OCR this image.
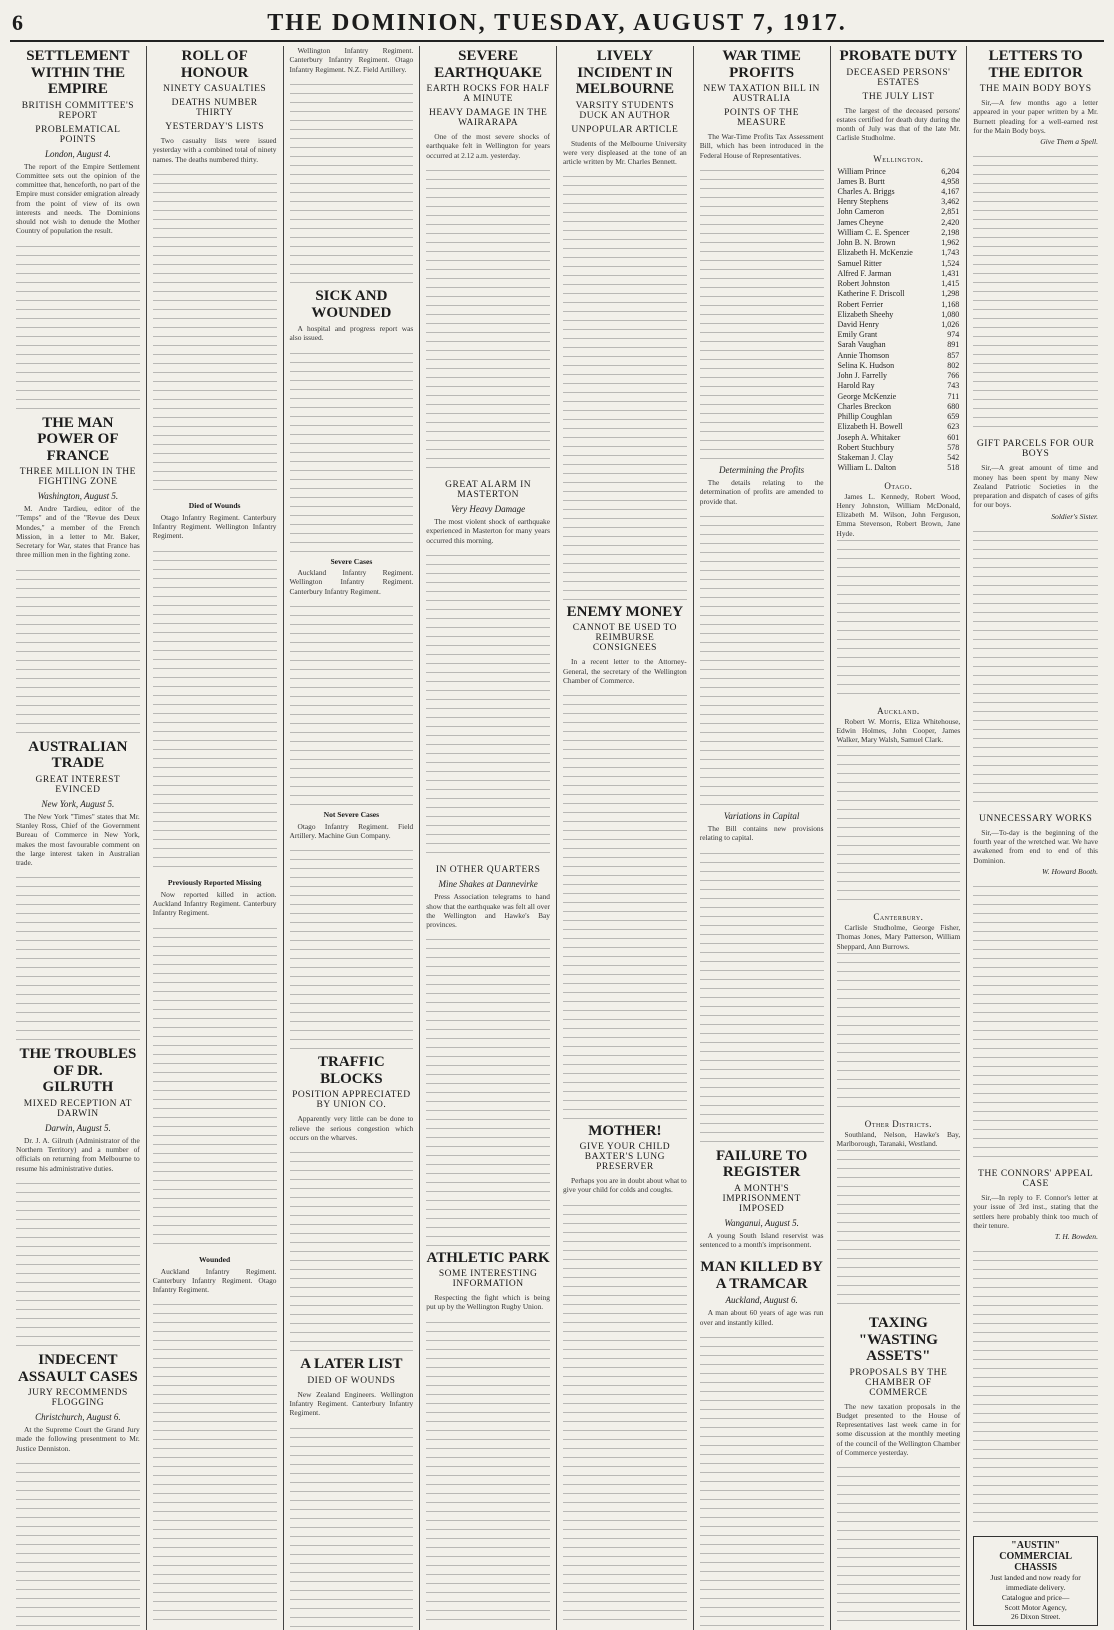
6	THE DOMINION, TUESDAY, AUGUST 7, 1917.
SETTLEMENT WITHIN THE EMPIRE
BRITISH COMMITTEE'S REPORT
PROBLEMATICAL POINTS
London, August 4.

The report of the Empire Settlement Committee sets out the opinion of the committee that, henceforth, no part of the Empire must consider emigration already from the point of view of its own interests and needs. The Dominions should not wish to denude the Mother Country of population the result.

THE MAN POWER OF FRANCE
THREE MILLION IN THE FIGHTING ZONE
Washington, August 5.

M. Andre Tardieu, editor of the "Temps" and of the "Revue des Deux Mondes," a member of the French Mission, in a letter to Mr. Baker, Secretary for War, states that France has three million men in the fighting zone.

AUSTRALIAN TRADE
GREAT INTEREST EVINCED
New York, August 5.

The New York "Times" states that Mr. Stanley Ross, Chief of the Government Bureau of Commerce in New York, makes the most favourable comment on the large interest taken in Australian trade.

THE TROUBLES OF DR. GILRUTH
MIXED RECEPTION AT DARWIN
Darwin, August 5.

Dr. J. A. Gilruth (Administrator of the Northern Territory) and a number of officials on returning from Melbourne to resume his administrative duties.

INDECENT ASSAULT CASES
JURY RECOMMENDS FLOGGING
Christchurch, August 6.

At the Supreme Court the Grand Jury made the following presentment to Mr. Justice Denniston.

ROLL OF HONOUR
NINETY CASUALTIES
DEATHS NUMBER THIRTY
YESTERDAY'S LISTS

Two casualty lists were issued yesterday with a combined total of ninety names. The deaths numbered thirty.

Died of Wounds

Otago Infantry Regiment. Canterbury Infantry Regiment. Wellington Infantry Regiment.

Previously Reported Missing

Now reported killed in action. Auckland Infantry Regiment. Canterbury Infantry Regiment.

Wounded

Auckland Infantry Regiment. Canterbury Infantry Regiment. Otago Infantry Regiment.

Wellington Infantry Regiment. Canterbury Infantry Regiment. Otago Infantry Regiment. N.Z. Field Artillery.

SICK AND WOUNDED

A hospital and progress report was also issued.

Severe Cases

Auckland Infantry Regiment. Wellington Infantry Regiment. Canterbury Infantry Regiment.

Not Severe Cases

Otago Infantry Regiment. Field Artillery. Machine Gun Company.

TRAFFIC BLOCKS
POSITION APPRECIATED BY UNION CO.

Apparently very little can be done to relieve the serious congestion which occurs on the wharves.

A LATER LIST
DIED OF WOUNDS

New Zealand Engineers. Wellington Infantry Regiment. Canterbury Infantry Regiment.

SEVERE EARTHQUAKE
EARTH ROCKS FOR HALF A MINUTE
HEAVY DAMAGE IN THE WAIRARAPA

One of the most severe shocks of earthquake felt in Wellington for years occurred at 2.12 a.m. yesterday.

GREAT ALARM IN MASTERTON
Very Heavy Damage

The most violent shock of earthquake experienced in Masterton for many years occurred this morning.

IN OTHER QUARTERS
Mine Shakes at Dannevirke

Press Association telegrams to hand show that the earthquake was felt all over the Wellington and Hawke's Bay provinces.

ATHLETIC PARK
SOME INTERESTING INFORMATION

Respecting the fight which is being put up by the Wellington Rugby Union.

LIVELY INCIDENT IN MELBOURNE
VARSITY STUDENTS DUCK AN AUTHOR
UNPOPULAR ARTICLE

Students of the Melbourne University were very displeased at the tone of an article written by Mr. Charles Bennett.

ENEMY MONEY
CANNOT BE USED TO REIMBURSE CONSIGNEES

In a recent letter to the Attorney-General, the secretary of the Wellington Chamber of Commerce.

MOTHER!
GIVE YOUR CHILD BAXTER'S LUNG PRESERVER

Perhaps you are in doubt about what to give your child for colds and coughs.

WAR TIME PROFITS
NEW TAXATION BILL IN AUSTRALIA
POINTS OF THE MEASURE

The War-Time Profits Tax Assessment Bill, which has been introduced in the Federal House of Representatives.

Determining the Profits

The details relating to the determination of profits are amended to provide that.

Variations in Capital

The Bill contains new provisions relating to capital.

FAILURE TO REGISTER
A MONTH'S IMPRISONMENT IMPOSED
Wanganui, August 5.

A young South Island reservist was sentenced to a month's imprisonment.

MAN KILLED BY A TRAMCAR
Auckland, August 6.

A man about 60 years of age was run over and instantly killed.

PROBATE DUTY
DECEASED PERSONS' ESTATES
THE JULY LIST

The largest of the deceased persons' estates certified for death duty during the month of July was that of the late Mr. Carlisle Studholme.

Wellington.
William Prince	6,204
James B. Burtt	4,958
Charles A. Briggs	4,167
Henry Stephens	3,462
John Cameron	2,851
James Cheyne	2,420
William C. E. Spencer	2,198
John B. N. Brown	1,962
Elizabeth H. McKenzie	1,743
Samuel Ritter	1,524
Alfred F. Jarman	1,431
Robert Johnston	1,415
Katherine F. Driscoll	1,298
Robert Ferrier	1,168
Elizabeth Sheehy	1,080
David Henry	1,026
Emily Grant	974
Sarah Vaughan	891
Annie Thomson	857
Selina K. Hudson	802
John J. Farrelly	766
Harold Ray	743
George McKenzie	711
Charles Breckon	680
Phillip Coughlan	659
Elizabeth H. Bowell	623
Joseph A. Whitaker	601
Robert Stuchbury	578
Stakeman J. Clay	542
William L. Dalton	518
Otago.

James L. Kennedy, Robert Wood, Henry Johnston, William McDonald, Elizabeth M. Wilson, John Ferguson, Emma Stevenson, Robert Brown, Jane Hyde.

Auckland.

Robert W. Morris, Eliza Whitehouse, Edwin Holmes, John Cooper, James Walker, Mary Walsh, Samuel Clark.

Canterbury.

Carlisle Studholme, George Fisher, Thomas Jones, Mary Patterson, William Sheppard, Ann Burrows.

Other Districts.

Southland, Nelson, Hawke's Bay, Marlborough, Taranaki, Westland.

TAXING "WASTING ASSETS"
PROPOSALS BY THE CHAMBER OF COMMERCE

The new taxation proposals in the Budget presented to the House of Representatives last week came in for some discussion at the monthly meeting of the council of the Wellington Chamber of Commerce yesterday.

LETTERS TO THE EDITOR
THE MAIN BODY BOYS

Sir,—A few months ago a letter appeared in your paper written by a Mr. Burnett pleading for a well-earned rest for the Main Body boys.

Give Them a Spell.
GIFT PARCELS FOR OUR BOYS

Sir,—A great amount of time and money has been spent by many New Zealand Patriotic Societies in the preparation and dispatch of cases of gifts for our boys.

Soldier's Sister.
UNNECESSARY WORKS

Sir,—To-day is the beginning of the fourth year of the wretched war. We have awakened from end to end of this Dominion.

W. Howard Booth.
THE CONNORS' APPEAL CASE

Sir,—In reply to F. Connor's letter at your issue of 3rd inst., stating that the settlers here probably think too much of their tenure.

T. H. Bowden.
"AUSTIN" COMMERCIAL CHASSIS
Just landed and now ready for immediate delivery.
Catalogue and price—
Scott Motor Agency,
26 Dixon Street.
